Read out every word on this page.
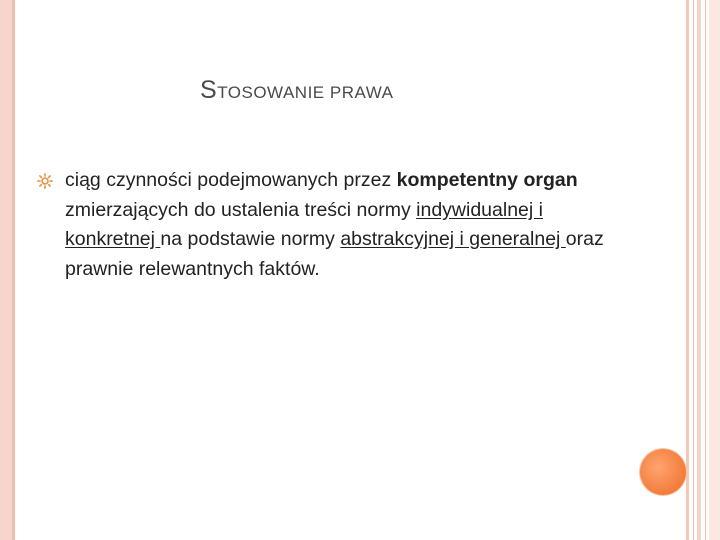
STOSOWANIE PRAWA
ciąg czynności podejmowanych przez kompetentny organ zmierzających do ustalenia treści normy indywidualnej i konkretnej na podstawie normy abstrakcyjnej i generalnej oraz prawnie relewantnych faktów.
